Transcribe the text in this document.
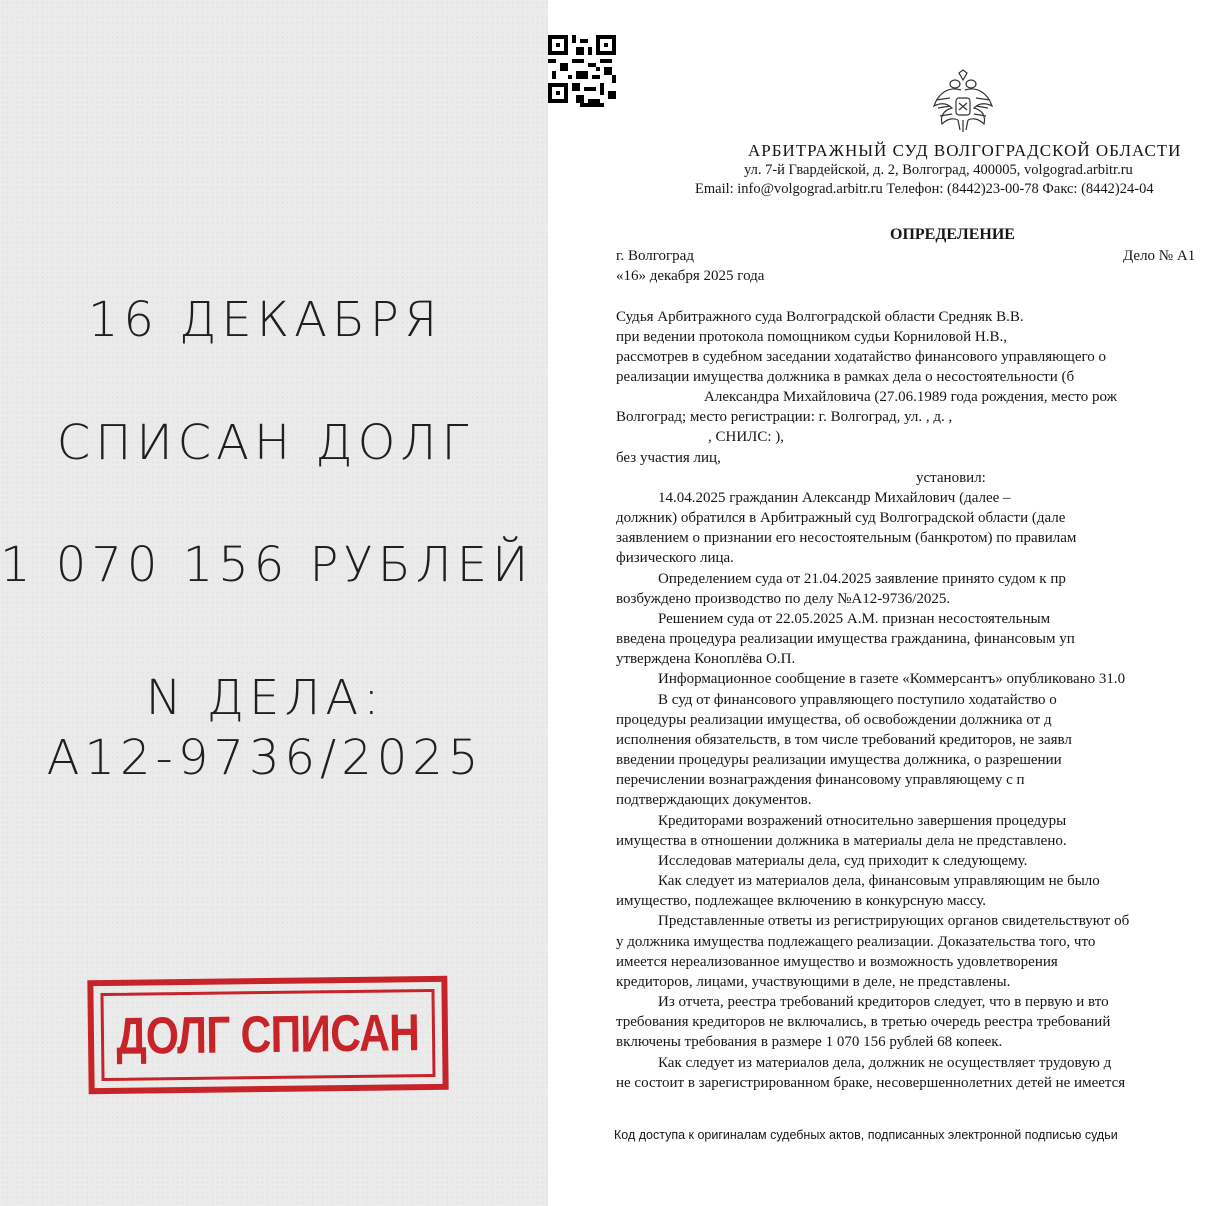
16 ДЕКАБРЯ
СПИСАН ДОЛГ
1 070 156 РУБЛЕЙ
N ДЕЛА:
А12-9736/2025
ДОЛГ СПИСАН
АРБИТРАЖНЫЙ СУД ВОЛГОГРАДСКОЙ ОБЛАСТИ
ул. 7-й Гвардейской, д. 2, Волгоград, 400005, volgograd.arbitr.ru
Email: info@volgograd.arbitr.ru Телефон: (8442)23-00-78 Факс: (8442)24-04
ОПРЕДЕЛЕНИЕ
г. Волгоград	Дело № А1
«16» декабря 2025 года
Судья Арбитражного суда Волгоградской области Средняк В.В.
при ведении протокола помощником судьи Корниловой Н.В.,
рассмотрев в судебном заседании ходатайство финансового управляющего о
реализации имущества должника в рамках дела о несостоятельности (б
Александра Михайловича (27.06.1989 года рождения, место рож
Волгоград; место регистрации: г. Волгоград, ул. , д. ,
, СНИЛС: ),
без участия лиц,
установил:
14.04.2025 гражданин Александр Михайлович (далее –
должник) обратился в Арбитражный суд Волгоградской области (дале
заявлением о признании его несостоятельным (банкротом) по правилам
физического лица.
Определением суда от 21.04.2025 заявление принято судом к пр
возбуждено производство по делу №А12-9736/2025.
Решением суда от 22.05.2025 А.М. признан несостоятельным
введена процедура реализации имущества гражданина, финансовым уп
утверждена Коноплёва О.П.
Информационное сообщение в газете «Коммерсантъ» опубликовано 31.0
В суд от финансового управляющего поступило ходатайство о
процедуры реализации имущества, об освобождении должника от д
исполнения обязательств, в том числе требований кредиторов, не заявл
введении процедуры реализации имущества должника, о разрешении
перечислении вознаграждения финансовому управляющему с п
подтверждающих документов.
Кредиторами возражений относительно завершения процедуры
имущества в отношении должника в материалы дела не представлено.
Исследовав материалы дела, суд приходит к следующему.
Как следует из материалов дела, финансовым управляющим не было
имущество, подлежащее включению в конкурсную массу.
Представленные ответы из регистрирующих органов свидетельствуют об
у должника имущества подлежащего реализации. Доказательства того, что
имеется нереализованное имущество и возможность удовлетворения
кредиторов, лицами, участвующими в деле, не представлены.
Из отчета, реестра требований кредиторов следует, что в первую и вто
требования кредиторов не включались, в третью очередь реестра требований
включены требования в размере 1 070 156 рублей 68 копеек.
Как следует из материалов дела, должник не осуществляет трудовую д
не состоит в зарегистрированном браке, несовершеннолетних детей не имеется
Код доступа к оригиналам судебных актов, подписанных электронной подписью судьи
